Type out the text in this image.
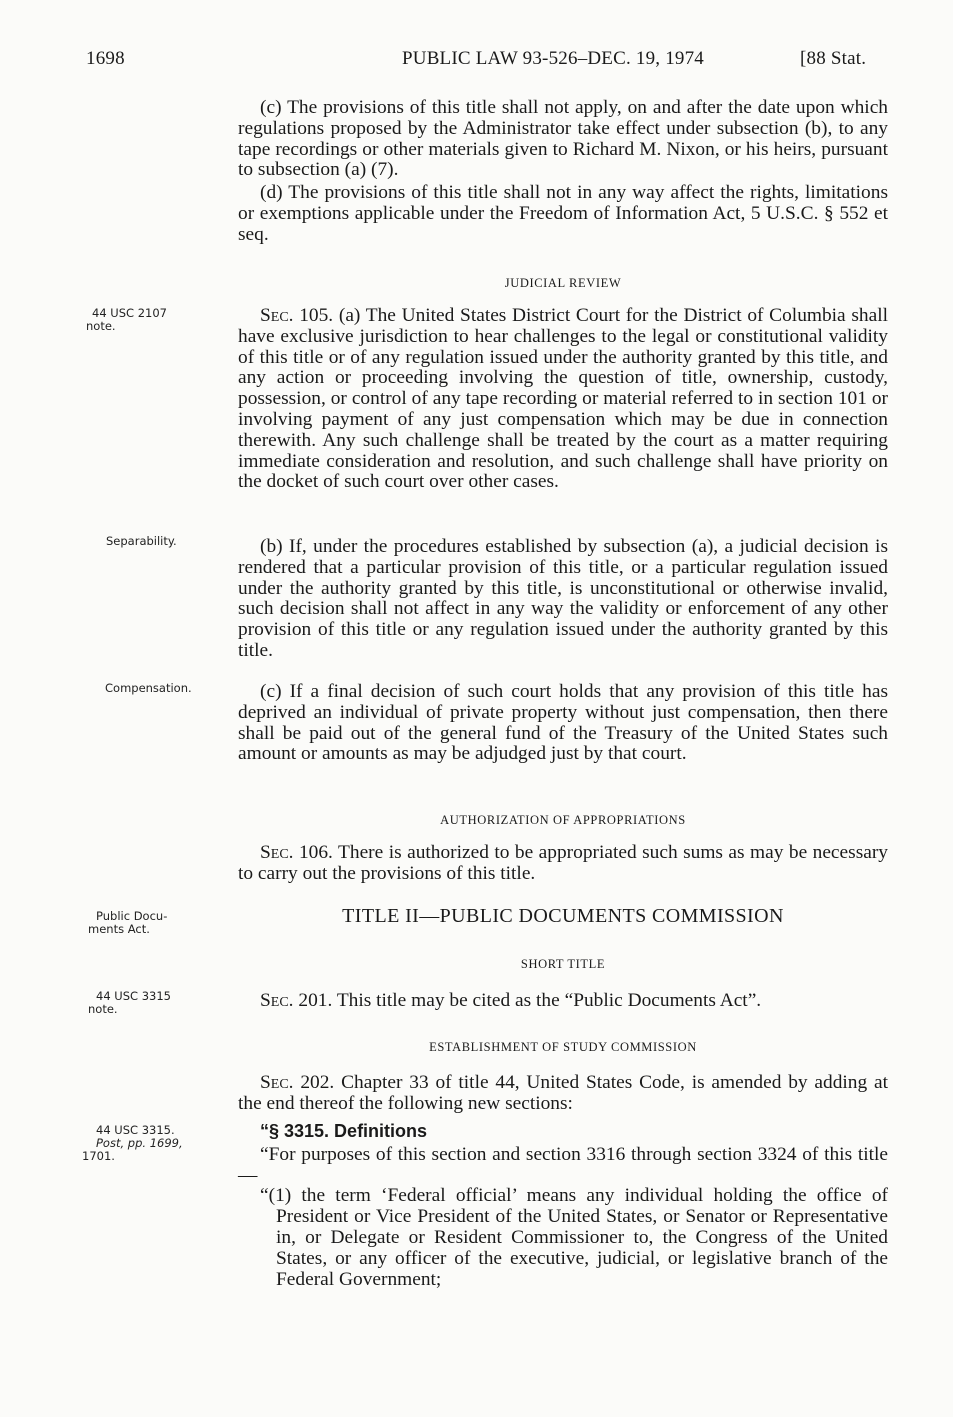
1698	PUBLIC LAW 93-526–DEC. 19, 1974	[88 Stat.

(c) The provisions of this title shall not apply, on and after the date upon which regulations proposed by the Administrator take effect under subsection (b), to any tape recordings or other materials given to Richard M. Nixon, or his heirs, pursuant to subsection (a) (7).

(d) The provisions of this title shall not in any way affect the rights, limitations or exemptions applicable under the Freedom of Information Act, 5 U.S.C. § 552 et seq.

JUDICIAL REVIEW

Sec. 105. (a) The United States District Court for the District of Columbia shall have exclusive jurisdiction to hear challenges to the legal or constitutional validity of this title or of any regulation issued under the authority granted by this title, and any action or proceeding involving the question of title, ownership, custody, possession, or control of any tape recording or material referred to in section 101 or involving payment of any just compensation which may be due in connection therewith. Any such challenge shall be treated by the court as a matter requiring immediate consideration and resolution, and such challenge shall have priority on the docket of such court over other cases.

(b) If, under the procedures established by subsection (a), a judicial decision is rendered that a particular provision of this title, or a particular regulation issued under the authority granted by this title, is unconstitutional or otherwise invalid, such decision shall not affect in any way the validity or enforcement of any other provision of this title or any regulation issued under the authority granted by this title.

(c) If a final decision of such court holds that any provision of this title has deprived an individual of private property without just compensation, then there shall be paid out of the general fund of the Treasury of the United States such amount or amounts as may be adjudged just by that court.

AUTHORIZATION OF APPROPRIATIONS

Sec. 106. There is authorized to be appropriated such sums as may be necessary to carry out the provisions of this title.

TITLE II—PUBLIC DOCUMENTS COMMISSION
SHORT TITLE

Sec. 201. This title may be cited as the “Public Documents Act”.

ESTABLISHMENT OF STUDY COMMISSION

Sec. 202. Chapter 33 of title 44, United States Code, is amended by adding at the end thereof the following new sections:

“§ 3315. Definitions

“For purposes of this section and section 3316 through section 3324 of this title—

“(1) the term ‘Federal official’ means any individual holding the office of President or Vice President of the United States, or Senator or Representative in, or Delegate or Resident Commissioner to, the Congress of the United States, or any officer of the executive, judicial, or legislative branch of the Federal Government;

44 USC 2107
note.
Separability.
Compensation.
Public Docu-
ments Act.
44 USC 3315
note.
44 USC 3315.
Post, pp. 1699,
1701.
